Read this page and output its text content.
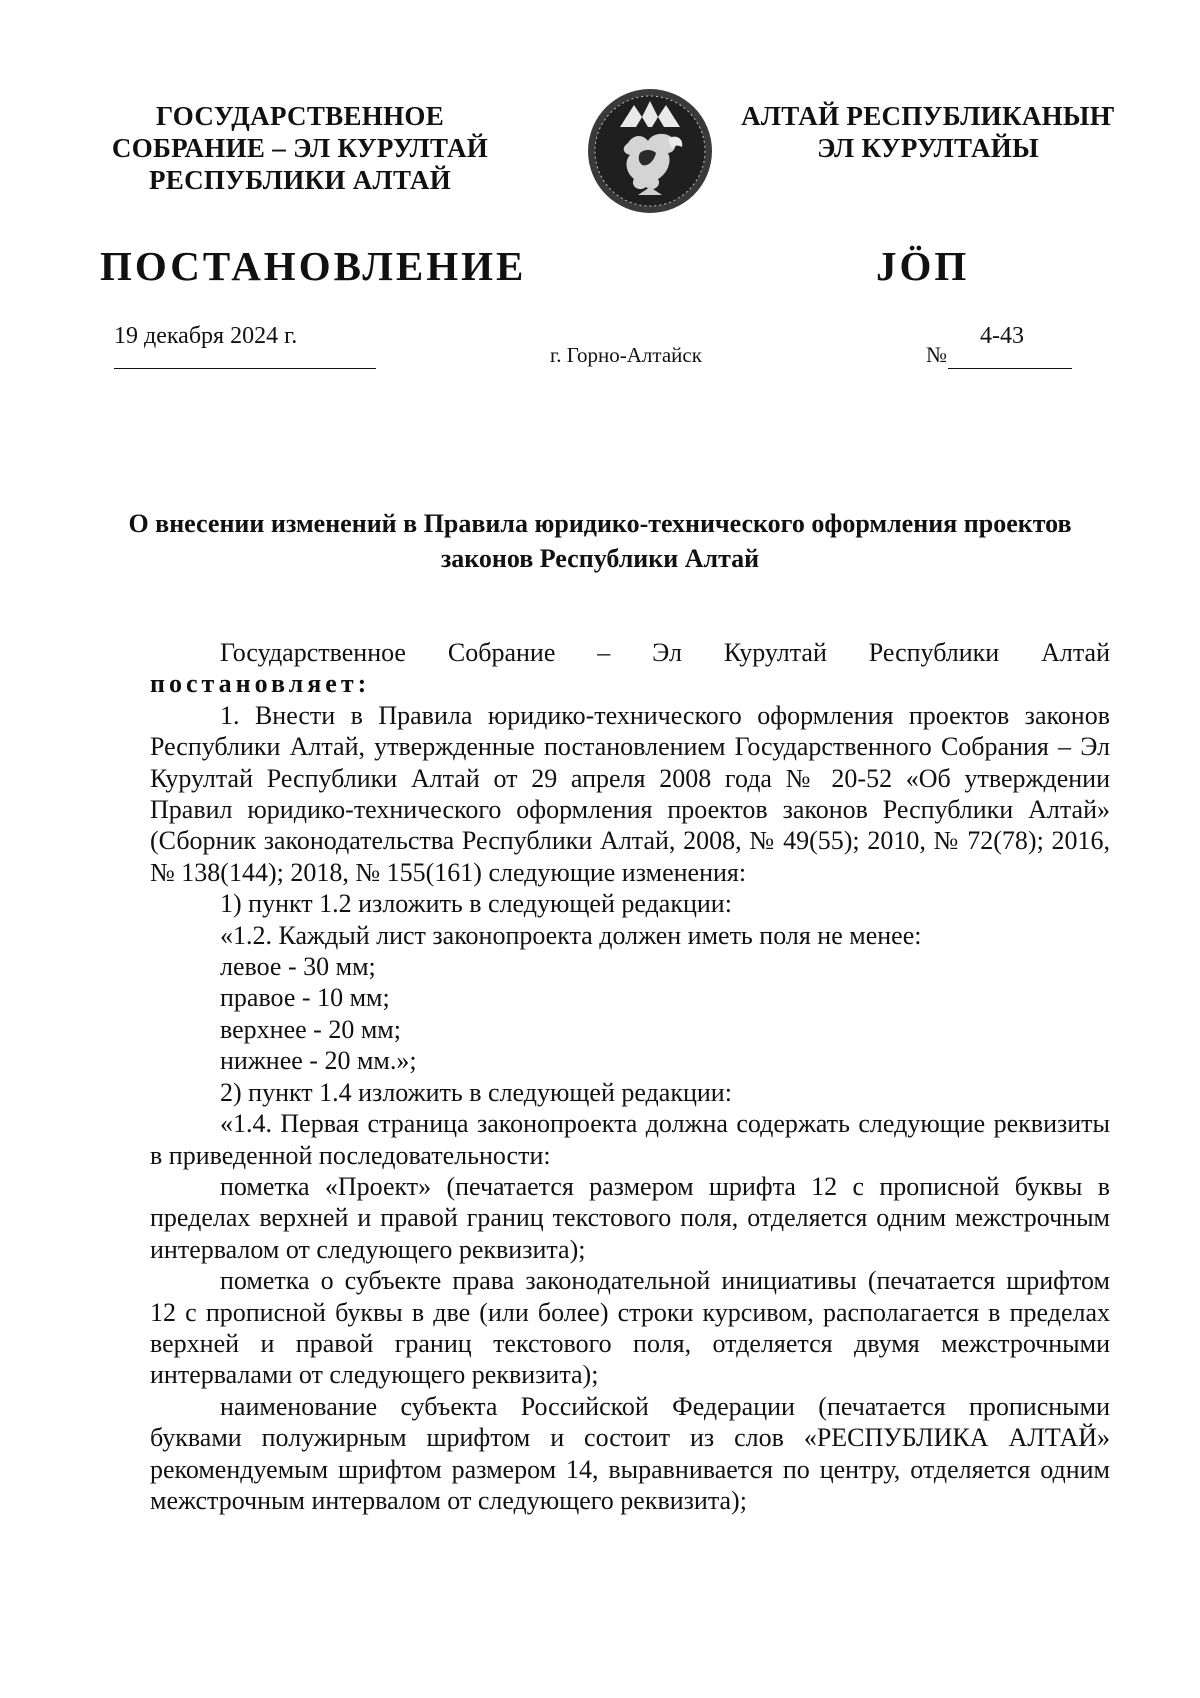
ГОСУДАРСТВЕННОЕ
СОБРАНИЕ – ЭЛ КУРУЛТАЙ
РЕСПУБЛИКИ АЛТАЙ
АЛТАЙ РЕСПУБЛИКАНЫҤ
ЭЛ КУРУЛТАЙЫ
ПОСТАНОВЛЕНИЕ	JӦП
19 декабря 2024 г.
г. Горно-Алтайск	№
4-43
О внесении изменений в Правила юридико-технического оформления проектов законов Республики Алтай

Государственное Собрание – Эл Курултай Республики Алтай

постановляет:

1. Внести в Правила юридико-технического оформления проектов законов Республики Алтай, утвержденные постановлением Государственного Собрания – Эл Курултай Республики Алтай от 29 апреля 2008 года № 20-52 «Об утверждении Правил юридико-технического оформления проектов законов Республики Алтай» (Сборник законодательства Республики Алтай, 2008, № 49(55); 2010, № 72(78); 2016, № 138(144); 2018, № 155(161) следующие изменения:

1) пункт 1.2 изложить в следующей редакции:

«1.2. Каждый лист законопроекта должен иметь поля не менее:

левое - 30 мм;

правое - 10 мм;

верхнее - 20 мм;

нижнее - 20 мм.»;

2) пункт 1.4 изложить в следующей редакции:

«1.4. Первая страница законопроекта должна содержать следующие реквизиты в приведенной последовательности:

пометка «Проект» (печатается размером шрифта 12 с прописной буквы в пределах верхней и правой границ текстового поля, отделяется одним межстрочным интервалом от следующего реквизита);

пометка о субъекте права законодательной инициативы (печатается шрифтом 12 с прописной буквы в две (или более) строки курсивом, располагается в пределах верхней и правой границ текстового поля, отделяется двумя межстрочными интервалами от следующего реквизита);

наименование субъекта Российской Федерации (печатается прописными буквами полужирным шрифтом и состоит из слов «РЕСПУБЛИКА АЛТАЙ» рекомендуемым шрифтом размером 14, выравнивается по центру, отделяется одним межстрочным интервалом от следующего реквизита);
